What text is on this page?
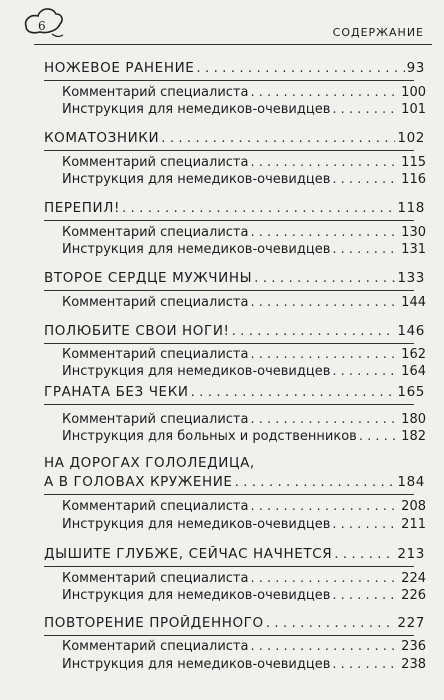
6	СОДЕРЖАНИЕ
НОЖЕВОЕ РАНЕНИЕ . . .	93
Комментарий специалиста . . .	100
Инструкция для немедиков-очевидцев . . .	101
КОМАТОЗНИКИ . . .	102
Комментарий специалиста . . .	115
Инструкция для немедиков-очевидцев . . .	116
ПЕРЕПИЛ! . . .	118
Комментарий специалиста . . .	130
Инструкция для немедиков-очевидцев . . .	131
ВТОРОЕ СЕРДЦЕ МУЖЧИНЫ . . .	133
Комментарий специалиста . . .	144
ПОЛЮБИТЕ СВОИ НОГИ! . . .	146
Комментарий специалиста . . .	162
Инструкция для немедиков-очевидцев . . .	164
ГРАНАТА БЕЗ ЧЕКИ . . .	165
Комментарий специалиста . . .	180
Инструкция для больных и родственников . . .	182
НА ДОРОГАХ ГОЛОЛЕДИЦА,
А В ГОЛОВАХ КРУЖЕНИЕ . . .	184
Комментарий специалиста . . .	208
Инструкция для немедиков-очевидцев . . .	211
ДЫШИТЕ ГЛУБЖЕ, СЕЙЧАС НАЧНЕТСЯ . . .	213
Комментарий специалиста . . .	224
Инструкция для немедиков-очевидцев . . .	226
ПОВТОРЕНИЕ ПРОЙДЕННОГО . . .	227
Комментарий специалиста . . .	236
Инструкция для немедиков-очевидцев . . .	238
